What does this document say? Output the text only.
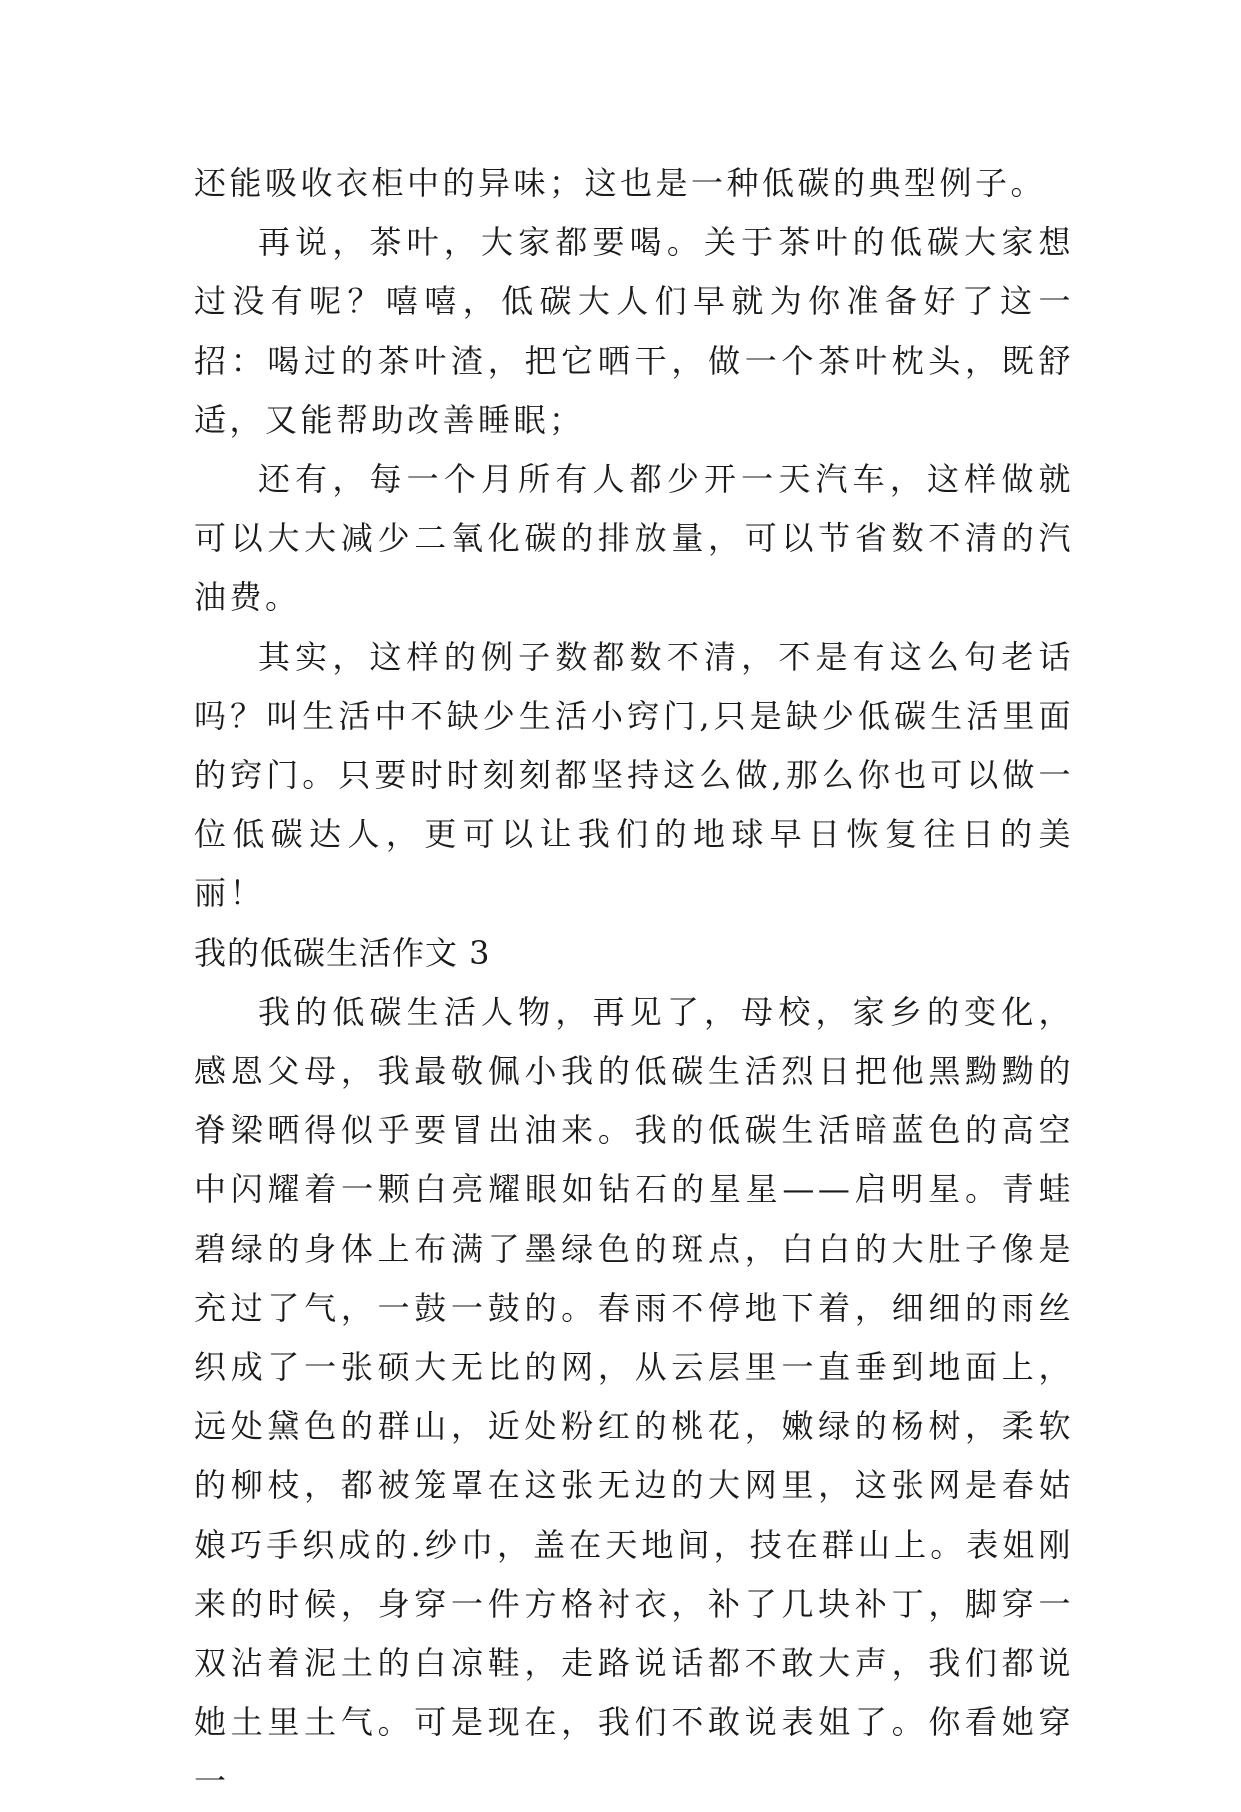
还能吸收衣柜中的异味；这也是一种低碳的典型例子。

再说，茶叶，大家都要喝。关于茶叶的低碳大家想过没有呢？嘻嘻，低碳大人们早就为你准备好了这一招：喝过的茶叶渣，把它晒干，做一个茶叶枕头，既舒适，又能帮助改善睡眠；

还有，每一个月所有人都少开一天汽车，这样做就可以大大减少二氧化碳的排放量，可以节省数不清的汽油费。

其实，这样的例子数都数不清，不是有这么句老话吗？叫生活中不缺少生活小窍门,只是缺少低碳生活里面的窍门。只要时时刻刻都坚持这么做,那么你也可以做一位低碳达人，更可以让我们的地球早日恢复往日的美丽！

我的低碳生活作文 3

我的低碳生活人物，再见了，母校，家乡的变化，感恩父母，我最敬佩小我的低碳生活烈日把他黑黝黝的脊梁晒得似乎要冒出油来。我的低碳生活暗蓝色的高空中闪耀着一颗白亮耀眼如钻石的星星——启明星。青蛙碧绿的身体上布满了墨绿色的斑点，白白的大肚子像是充过了气，一鼓一鼓的。春雨不停地下着，细细的雨丝织成了一张硕大无比的网，从云层里一直垂到地面上，远处黛色的群山，近处粉红的桃花，嫩绿的杨树，柔软的柳枝，都被笼罩在这张无边的大网里，这张网是春姑娘巧手织成的.纱巾，盖在天地间，技在群山上。表姐刚来的时候，身穿一件方格衬衣，补了几块补丁，脚穿一双沾着泥土的白凉鞋，走路说话都不敢大声，我们都说她土里土气。可是现在，我们不敢说表姐了。你看她穿一
